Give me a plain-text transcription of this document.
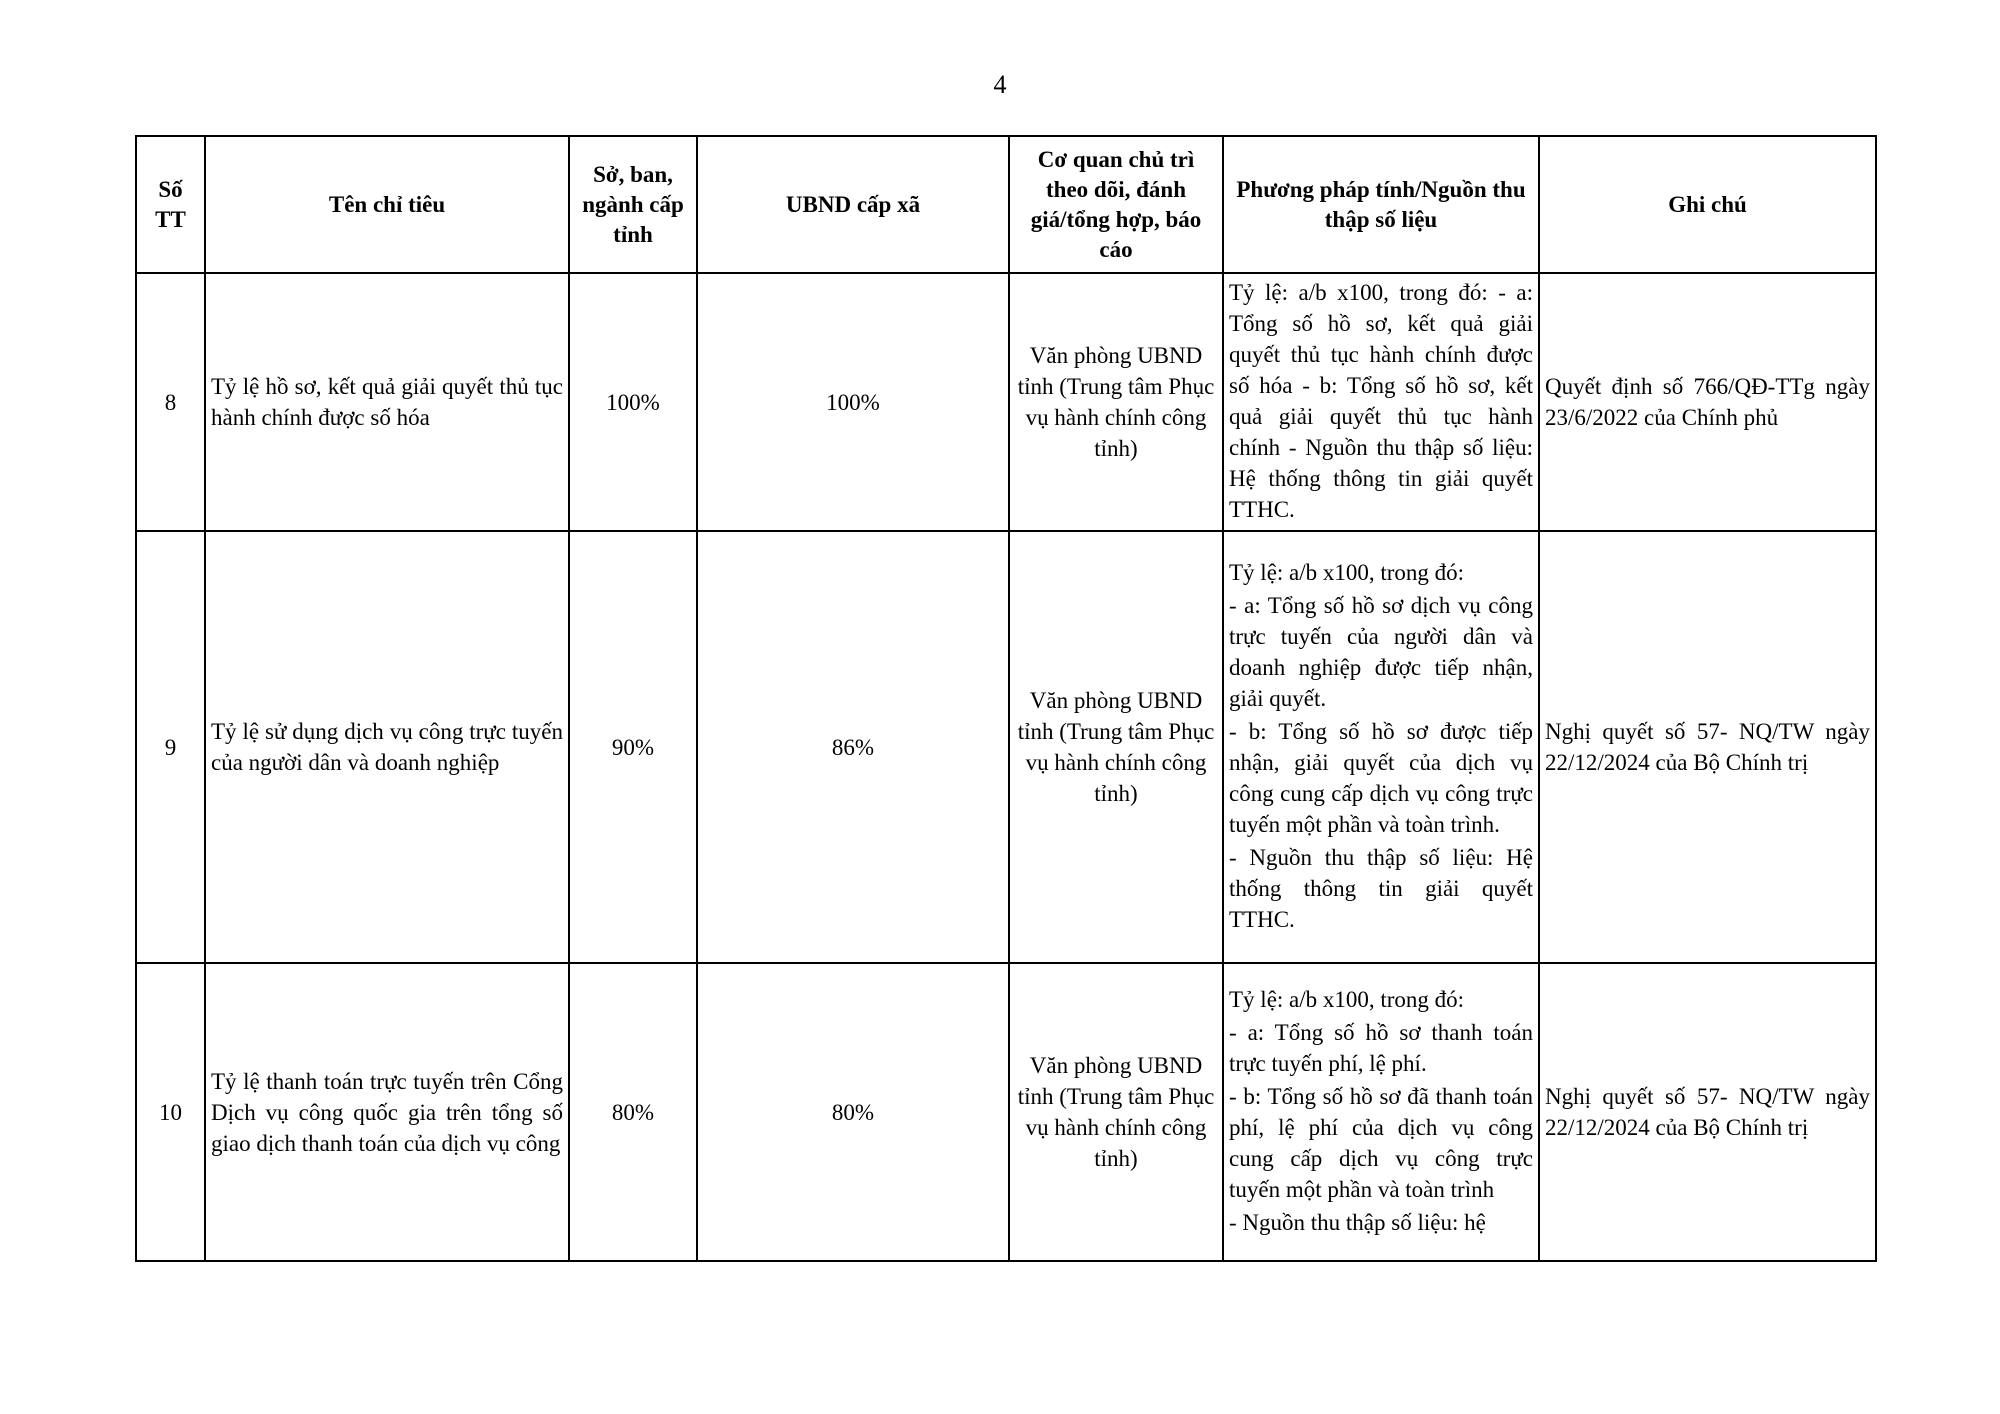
4
Số TT	Tên chỉ tiêu	Sở, ban, ngành cấp tỉnh	UBND cấp xã	Cơ quan chủ trì theo dõi, đánh giá/tổng hợp, báo cáo	Phương pháp tính/Nguồn thu thập số liệu	Ghi chú
8	Tỷ lệ hồ sơ, kết quả giải quyết thủ tục hành chính được số hóa	100%	100%	Văn phòng UBND tỉnh (Trung tâm Phục vụ hành chính công tỉnh)	Tỷ lệ: a/b x100, trong đó: - a: Tổng số hồ sơ, kết quả giải quyết thủ tục hành chính được số hóa - b: Tổng số hồ sơ, kết quả giải quyết thủ tục hành chính - Nguồn thu thập số liệu: Hệ thống thông tin giải quyết TTHC.	Quyết định số 766/QĐ-TTg ngày 23/6/2022 của Chính phủ
9	Tỷ lệ sử dụng dịch vụ công trực tuyến của người dân và doanh nghiệp	90%	86%	Văn phòng UBND tỉnh (Trung tâm Phục vụ hành chính công tỉnh)	Tỷ lệ: a/b x100, trong đó:
- a: Tổng số hồ sơ dịch vụ công trực tuyến của người dân và doanh nghiệp được tiếp nhận, giải quyết.
- b: Tổng số hồ sơ được tiếp nhận, giải quyết của dịch vụ công cung cấp dịch vụ công trực tuyến một phần và toàn trình.
- Nguồn thu thập số liệu: Hệ thống thông tin giải quyết TTHC.	Nghị quyết số 57- NQ/TW ngày 22/12/2024 của Bộ Chính trị
10	Tỷ lệ thanh toán trực tuyến trên Cổng Dịch vụ công quốc gia trên tổng số giao dịch thanh toán của dịch vụ công	80%	80%	Văn phòng UBND tỉnh (Trung tâm Phục vụ hành chính công tỉnh)	Tỷ lệ: a/b x100, trong đó:
- a: Tổng số hồ sơ thanh toán trực tuyến phí, lệ phí.
- b: Tổng số hồ sơ đã thanh toán phí, lệ phí của dịch vụ công cung cấp dịch vụ công trực tuyến một phần và toàn trình
- Nguồn thu thập số liệu: hệ	Nghị quyết số 57- NQ/TW ngày 22/12/2024 của Bộ Chính trị
